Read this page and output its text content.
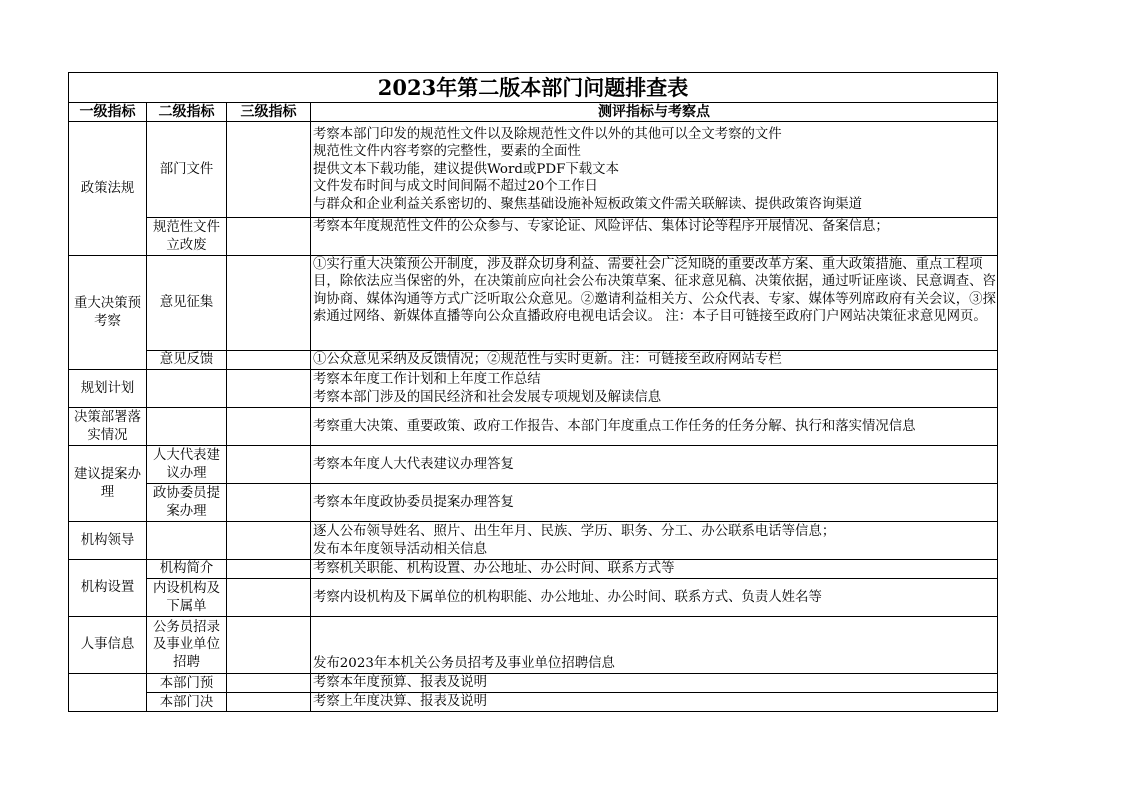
2023年第二版本部门问题排查表			
一级指标	二级指标	三级指标	测评指标与考察点
政策法规	部门文件		考察本部门印发的规范性文件以及除规范性文件以外的其他可以全文考察的文件
规范性文件内容考察的完整性，要素的全面性
提供文本下载功能，建议提供Word或PDF下载文本
文件发布时间与成文时间间隔不超过20个工作日
与群众和企业利益关系密切的、聚焦基础设施补短板政策文件需关联解读、提供政策咨询渠道

	规范性文件立改废		考察本年度规范性文件的公众参与、专家论证、风险评估、集体讨论等程序开展情况、备案信息；

重大决策预考察	意见征集		①实行重大决策预公开制度，涉及群众切身利益、需要社会广泛知晓的重要改革方案、重大政策措施、重点工程项目，除依法应当保密的外，在决策前应向社会公布决策草案、征求意见稿、决策依据，通过听证座谈、民意调查、咨询协商、媒体沟通等方式广泛听取公众意见。②邀请利益相关方、公众代表、专家、媒体等列席政府有关会议，③探索通过网络、新媒体直播等向公众直播政府电视电话会议。 注：本子目可链接至政府门户网站决策征求意见网页。

	意见反馈		①公众意见采纳及反馈情况；②规范性与实时更新。注：可链接至政府网站专栏

规划计划			考察本年度工作计划和上年度工作总结
考察本部门涉及的国民经济和社会发展专项规划及解读信息

决策部署落实情况			考察重大决策、重要政策、政府工作报告、本部门年度重点工作任务的任务分解、执行和落实情况信息

建议提案办理	人大代表建议办理		考察本年度人大代表建议办理答复

	政协委员提案办理		考察本年度政协委员提案办理答复
机构领导			逐人公布领导姓名、照片、出生年月、民族、学历、职务、分工、办公联系电话等信息；
发布本年度领导活动相关信息

机构设置	机构简介		考察机关职能、机构设置、办公地址、办公时间、联系方式等

	内设机构及下属单		考察内设机构及下属单位的机构职能、办公地址、办公时间、联系方式、负责人姓名等
人事信息	公务员招录及事业单位招聘		发布2023年本机关公务员招考及事业单位招聘信息

	本部门预		考察本年度预算、报表及说明

	本部门决		考察上年度决算、报表及说明
